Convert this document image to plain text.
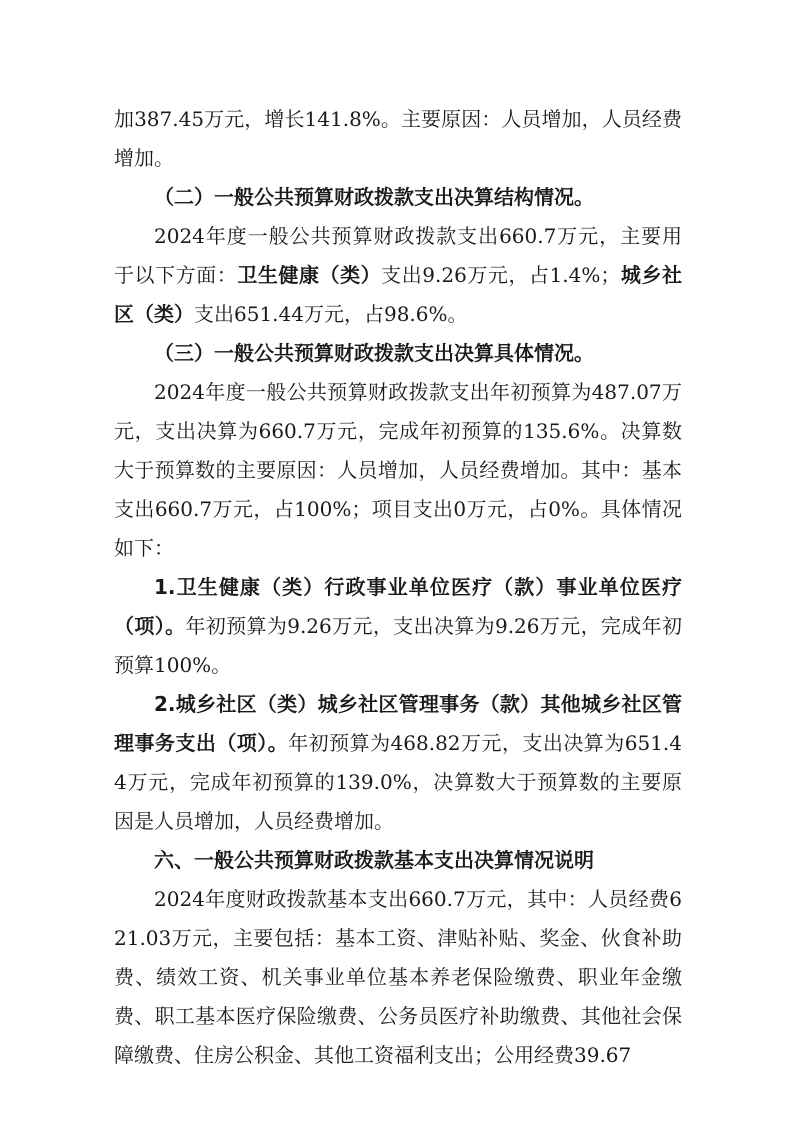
加387.45万元，增长141.8%。主要原因：人员增加，人员经费增加。

（二）一般公共预算财政拨款支出决算结构情况。

2024年度一般公共预算财政拨款支出660.7万元，主要用于以下方面：卫生健康（类）支出9.26万元，占1.4%；城乡社区（类）支出651.44万元，占98.6%。

（三）一般公共预算财政拨款支出决算具体情况。

2024年度一般公共预算财政拨款支出年初预算为487.07万元，支出决算为660.7万元，完成年初预算的135.6%。决算数大于预算数的主要原因：人员增加，人员经费增加。其中：基本支出660.7万元，占100%；项目支出0万元，占0%。具体情况如下：

1.卫生健康（类）行政事业单位医疗（款）事业单位医疗（项）。年初预算为9.26万元，支出决算为9.26万元，完成年初预算100%。

2.城乡社区（类）城乡社区管理事务（款）其他城乡社区管理事务支出（项）。年初预算为468.82万元，支出决算为651.44万元，完成年初预算的139.0%，决算数大于预算数的主要原因是人员增加，人员经费增加。

六、一般公共预算财政拨款基本支出决算情况说明

2024年度财政拨款基本支出660.7万元，其中：人员经费621.03万元，主要包括：基本工资、津贴补贴、奖金、伙食补助费、绩效工资、机关事业单位基本养老保险缴费、职业年金缴费、职工基本医疗保险缴费、公务员医疗补助缴费、其他社会保障缴费、住房公积金、其他工资福利支出；公用经费39.67
